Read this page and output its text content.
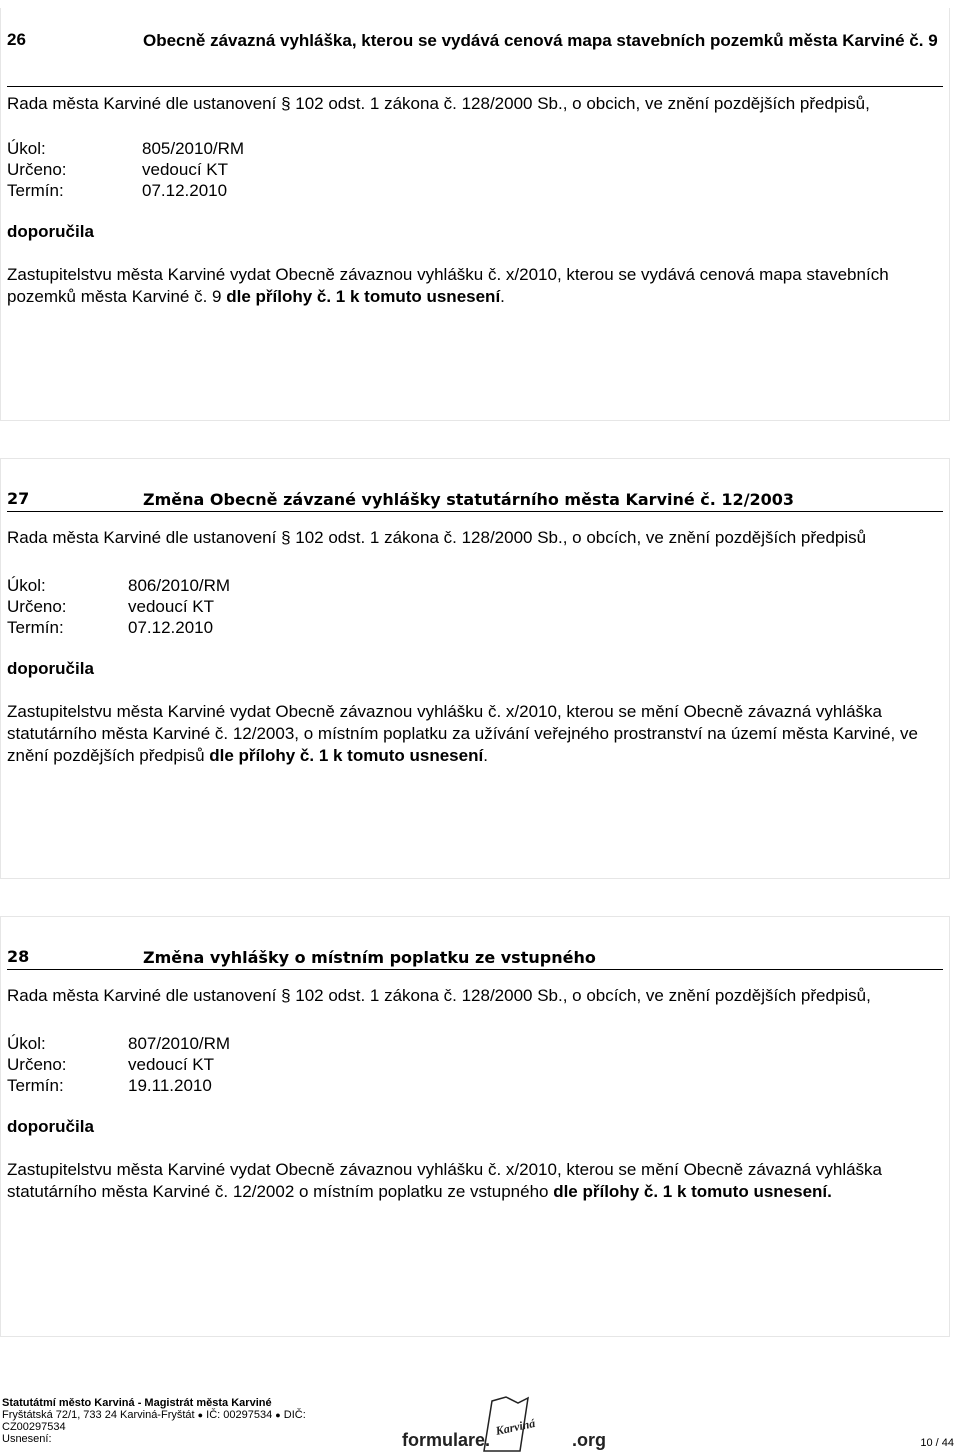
26	Obecně závazná vyhláška, kterou se vydává cenová mapa stavebních pozemků města Karviné č. 9
Rada města Karviné dle ustanovení § 102 odst. 1 zákona č. 128/2000 Sb., o obcich, ve znění pozdějších předpisů,
Úkol:	805/2010/RM
Určeno:	vedoucí KT
Termín:	07.12.2010
doporučila
Zastupitelstvu města Karviné vydat Obecně závaznou vyhlášku č. x/2010, kterou se vydává cenová mapa stavebních pozemků města Karviné č. 9 dle přílohy č. 1 k tomuto usnesení.
27	Změna Obecně závzané vyhlášky statutárního města Karviné č. 12/2003
Rada města Karviné dle ustanovení § 102 odst. 1 zákona č. 128/2000 Sb., o obcích, ve znění pozdějších předpisů
Úkol:	806/2010/RM
Určeno:	vedoucí KT
Termín:	07.12.2010
doporučila
Zastupitelstvu města Karviné vydat Obecně závaznou vyhlášku č. x/2010, kterou se mění Obecně závazná vyhláška statutárního města Karviné č. 12/2003, o místním poplatku za užívání veřejného prostranství na území města Karviné, ve znění pozdějších předpisů dle přílohy č. 1 k tomuto usnesení.
28	Změna vyhlášky o místním poplatku ze vstupného
Rada města Karviné dle ustanovení § 102 odst. 1 zákona č. 128/2000 Sb., o obcích, ve znění pozdějších předpisů,
Úkol:	807/2010/RM
Určeno:	vedoucí KT
Termín:	19.11.2010
doporučila
Zastupitelstvu města Karviné vydat Obecně závaznou vyhlášku č. x/2010, kterou se mění Obecně závazná vyhláška statutárního města Karviné č. 12/2002 o místním poplatku ze vstupného dle přílohy č. 1 k tomuto usnesení.
Statutátmí město Karviná - Magistrát města Karviné
Fryštátská 72/1, 733 24 Karviná-Fryštát ● IČ: 00297534 ● DIČ:
CZ00297534
Usnesení:	formulare.
Karviná
.org	10 / 44
